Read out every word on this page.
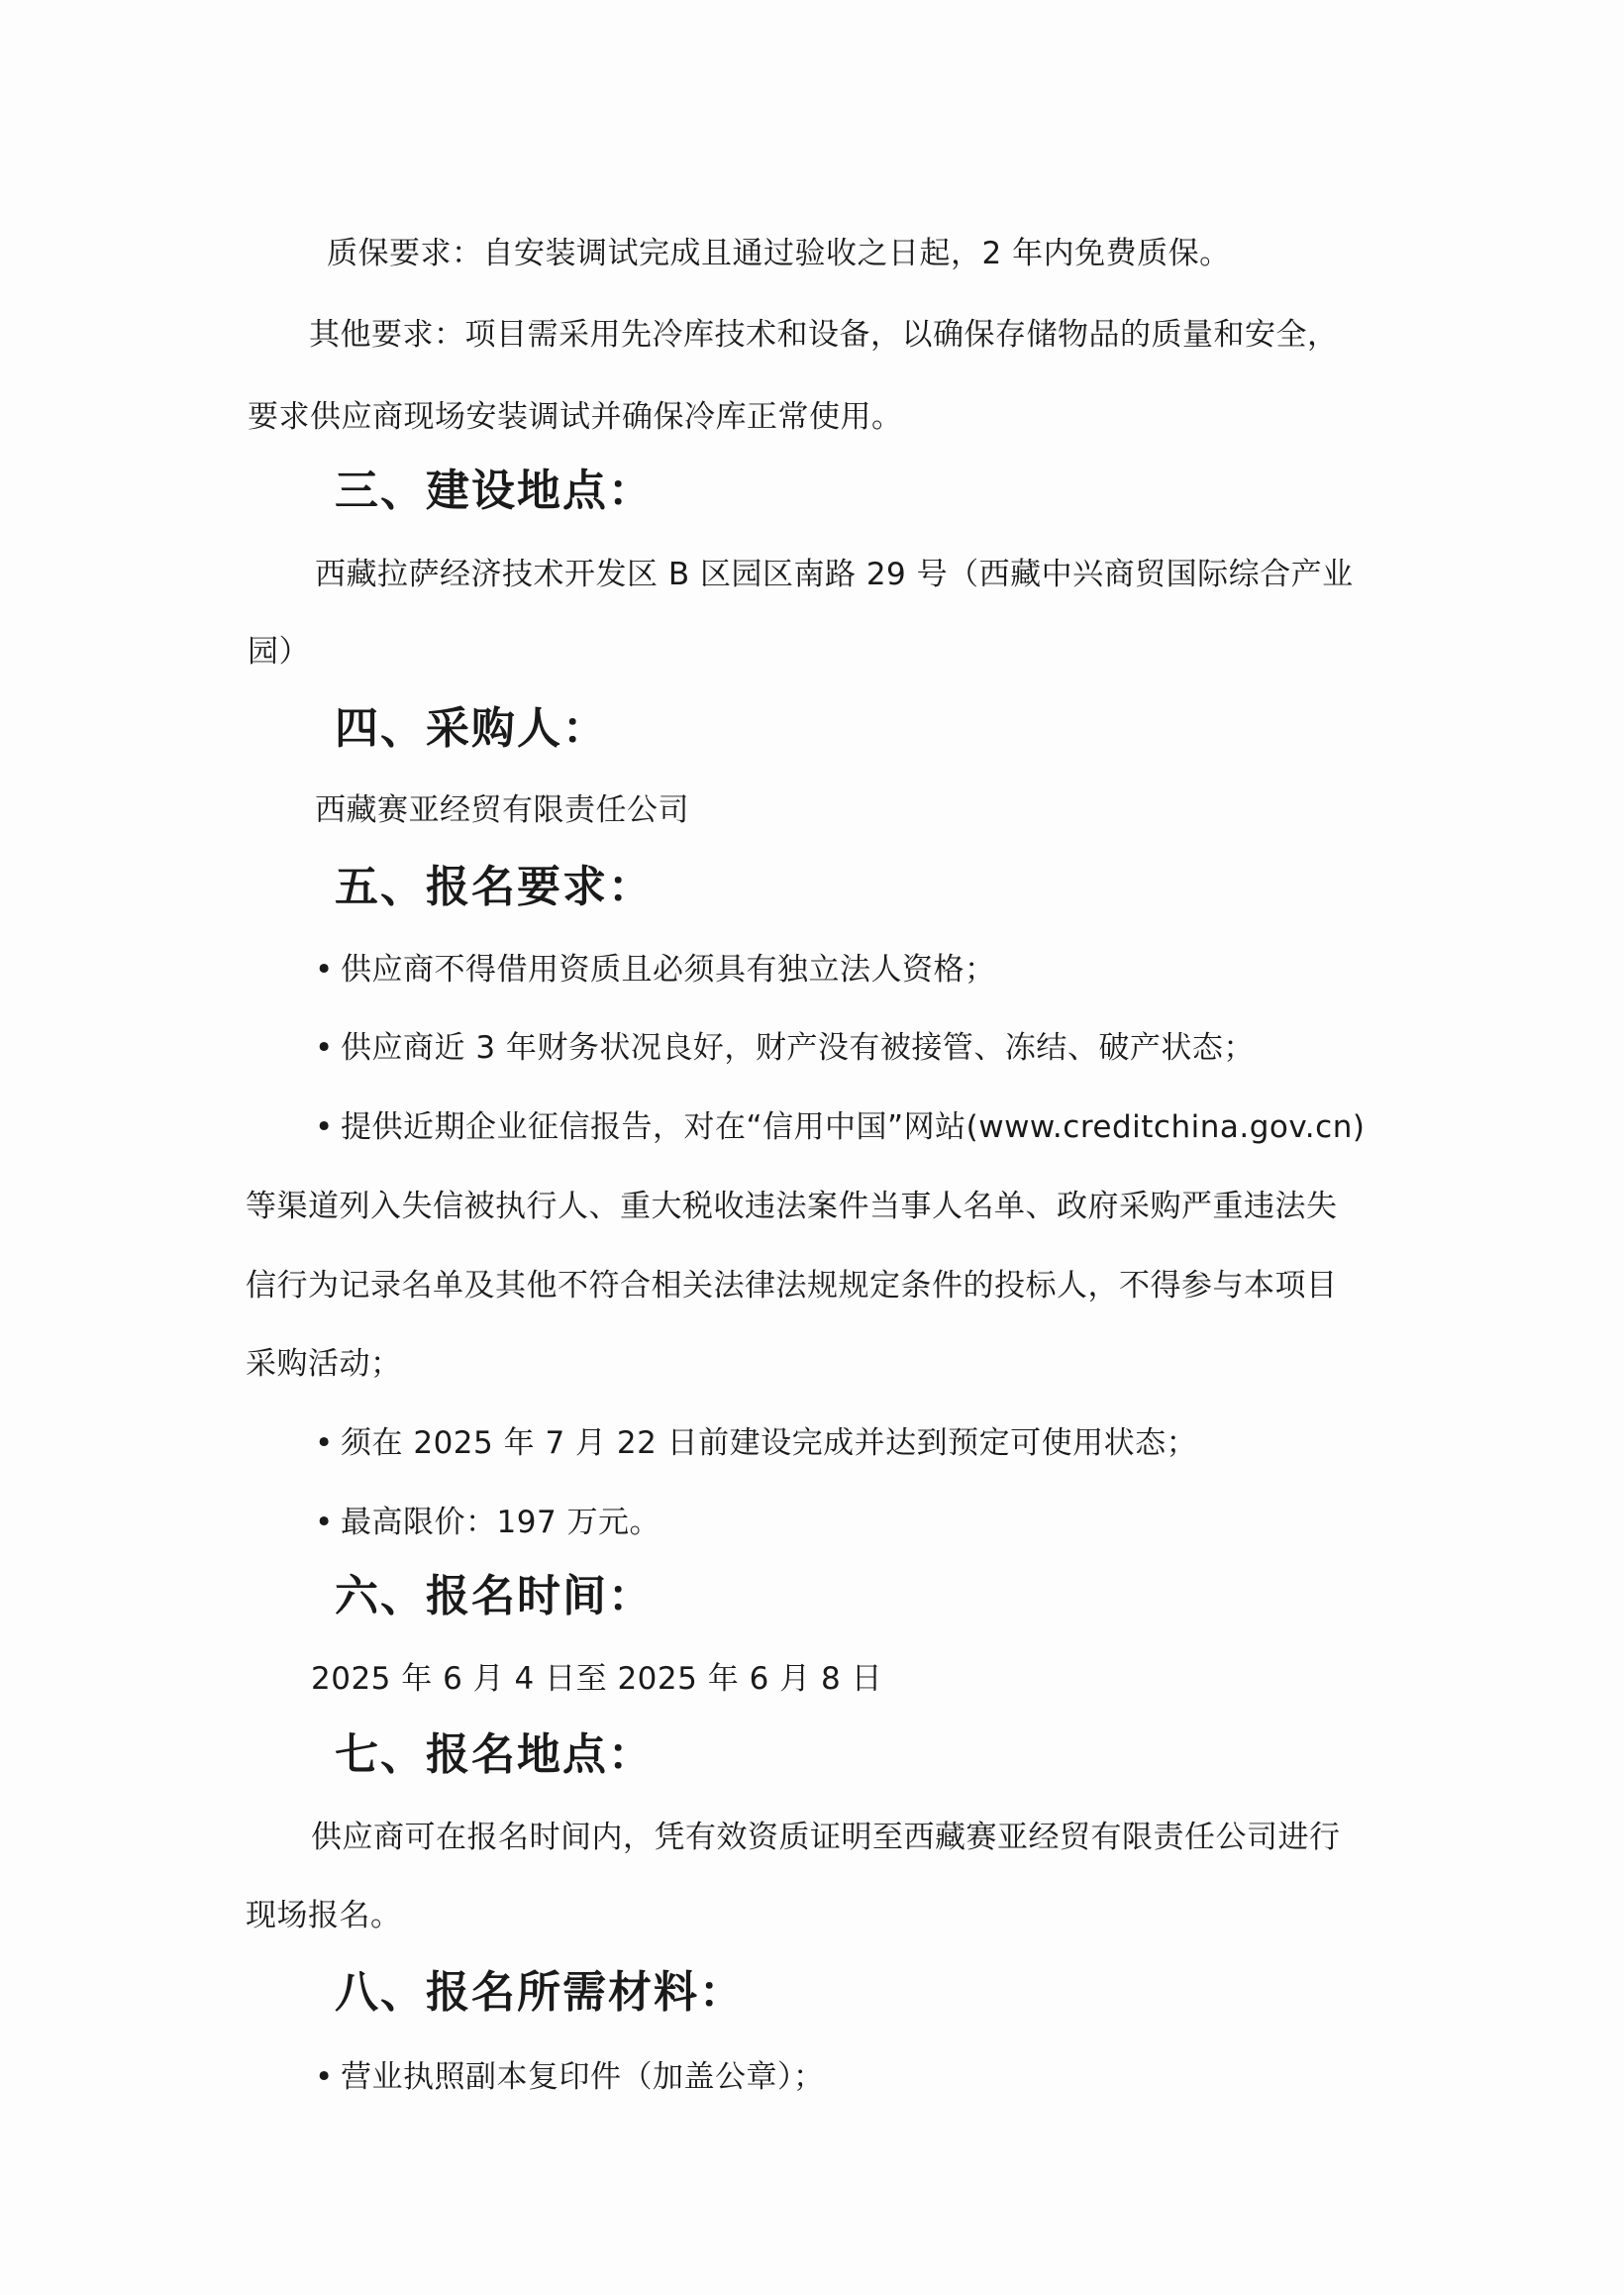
质保要求：自安装调试完成且通过验收之日起，2 年内免费质保。
其他要求：项目需采用先冷库技术和设备，以确保存储物品的质量和安全，
要求供应商现场安装调试并确保冷库正常使用。
三、建设地点：
西藏拉萨经济技术开发区 B 区园区南路 29 号（西藏中兴商贸国际综合产业
园）
四、采购人：
西藏赛亚经贸有限责任公司
五、报名要求：
• 供应商不得借用资质且必须具有独立法人资格；
• 供应商近 3 年财务状况良好，财产没有被接管、冻结、破产状态；
• 提供近期企业征信报告，对在“信用中国”网站(www.creditchina.gov.cn)
等渠道列入失信被执行人、重大税收违法案件当事人名单、政府采购严重违法失
信行为记录名单及其他不符合相关法律法规规定条件的投标人，不得参与本项目
采购活动；
• 须在 2025 年 7 月 22 日前建设完成并达到预定可使用状态；
• 最高限价：197 万元。
六、报名时间：
2025 年 6 月 4 日至 2025 年 6 月 8 日
七、报名地点：
供应商可在报名时间内，凭有效资质证明至西藏赛亚经贸有限责任公司进行
现场报名。
八、报名所需材料：
• 营业执照副本复印件（加盖公章）；
